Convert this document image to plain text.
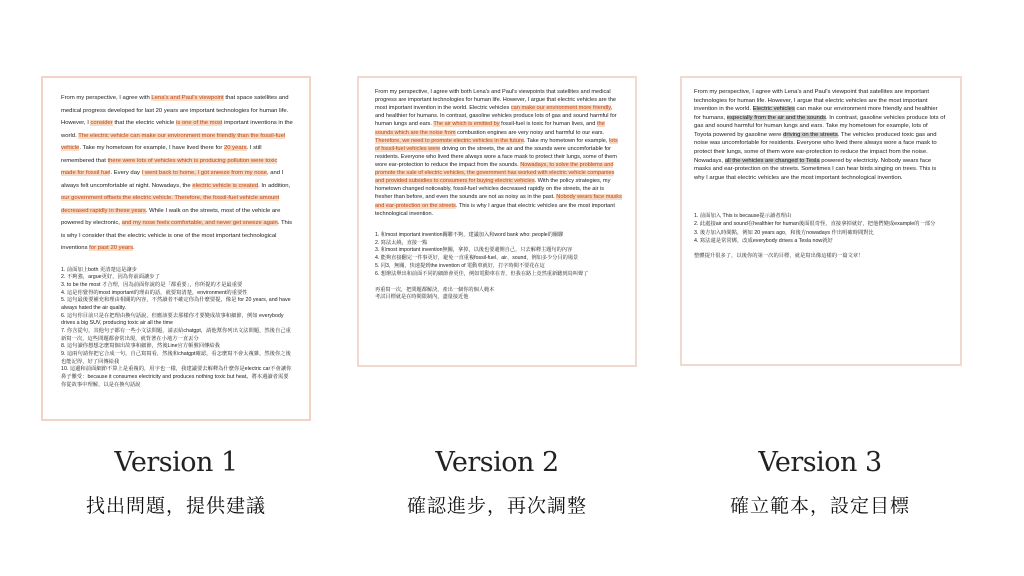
From my perspective, I agree with Lena's and Paul's viewpoint that space satellites and medical progress developed for last 20 years are important technologies for human life. However, I consider that the electric vehicle is one of the most important inventions in the world. The electric vehicle can make our environment more friendly than the fossil-fuel vehicle. Take my hometown for example, I have lived there for 20 years. I still remembered that there were lots of vehicles which is producing pollution were toxic made for fossil fuel. Every day I went back to home, I got sneeze from my nose, and I always felt uncomfortable at night. Nowadays, the electric vehicle is created. In addition, our government offsets the electric vehicle. Therefore, the fossil-fuel vehicle amount decreased rapidly in these years. While I walk on the streets, most of the vehicle are powered by electronic, and my nose feels comfortable, and never get sneeze again. This is why I consider that the electric vehicle is one of the most important technological inventions for past 20 years.

1. 前面加上both 更清楚這是讓步
2. 不夠強，argue更好，因為你前面讓步了
3. to be the most 才合理，因為前面你說的是「都重要」，你所提的才是最重要
4. 這是你覺得的most important的理由的話，就要寫清楚，environment的重要性
5. 這句最後要補充和理由相關的內容，不然讀者不確定你為什麼要提，像是 for 20 years, and have always hated the air quality.
6. 這句你目前只是在把理由換句話說，但應該要去那樣你才要變成故事和細節，例如 everybody drives a big SUV, producing toxic air all the time
7. 你含從句，其他句子都有一些小文法問題，請丟給chatgpt，請他幫你列出文法問題，然後自己重新寫一次，這些問題都會常出現，就背著在小地方一直丟分
8. 這句讀你想想怎麼寫個出故事和細節，然後Line官方帳號回傳給我
9. 這兩句請你把它合成一句，自己寫寫看，然後和chatgpt確認，看怎麼寫不會太複雜，然後你之後也能記得，好了回傳給我
10. 這邊和前面細節不算上是重複的，用字也一樣，我建議要去解釋為什麼你是electric car不會讓你鼻子難受：because it consumes electricity and produces nothing toxic but heat。將本週讀者需要你從故事中理解，以是在換句話說

From my perspective, I agree with both Lena's and Paul's viewpoints that satellites and medical progress are important technologies for human life. However, I argue that electric vehicles are the most important invention in the world. Electric vehicles can make our environment more friendly, and healthier for humans. In contrast, gasoline vehicles produce lots of gas and sound harmful for human lungs and ears. The air which is emitted by fossil-fuel is toxic for human lives, and the sounds which are the noise from combustion engines are very noisy and harmful to our ears. Therefore, we need to promote electric vehicles in the future. Take my hometown for example, lots of fossil-fuel vehicles were driving on the streets, the air and the sounds were uncomfortable for residents. Everyone who lived there always wore a face mask to protect their lungs, some of them wore ear-protection to reduce the impact from the sounds. Nowadays, to solve the problems and promote the sale of electric vehicles, the government has worked with electric vehicle companies and provided subsidies to consumers for buying electric vehicles. With the policy strategies, my hometown changed noticeably, fossil-fuel vehicles decreased rapidly on the streets, the air is fresher than before, and even the sounds are not as noisy as in the past. Nobody wears face masks and ear-protection on the streets. This is why I argue that electric vehicles are the most important technological invention.

1. 和most important invention關聯不夠，建議加入和word bank who: people的關聯
2. 寫法太繞，直接一點
3. 和most important invention無關，拿掉，以後也要避開自己，只去解釋主題句的內容
4. 能夠直接翻完一件事更好，避免一直重複fossil-fuel、air、sound，例如多少分目的場景
5. 同3，無關，快速提到the invention of 電動車就好，打字時間不要花在這
6. 想辦法舉出和前面不同的細節會更佳，例如電動車在青，但我在路上竟然重新聽到鳥叫聲了

再重寫一次，把問題都解決，產出一個你的個人範本
考試目標就是在時間限制內，盡量接近他

From my perspective, I agree with Lena's and Paul's viewpoint that satellites are important technologies for human life. However, I argue that electric vehicles are the most important invention in the world. Electric vehicles can make our environment more friendly and healthier for humans, especially from the air and the sounds. In contrast, gasoline vehicles produce lots of gas and sound harmful for human lungs and ears. Take my hometown for example, lots of Toyota powered by gasoline were driving on the streets. The vehicles produced toxic gas and noise was uncomfortable for residents. Everyone who lived there always wore a face mask to protect their lungs, some of them wore ear-protection to reduce the impact from the noise. Nowadays, all the vehicles are changed to Tesla powered by electricity. Nobody wears face masks and ear-protection on the streets. Sometimes I can hear birds singing on trees. This is why I argue that electric vehicles are the most important technological invention.

1. 前面加入 This is because提示讀者理由
2. 此處接air and sound在healthier for human後面很奇怪，直接拿掉就好，把他們變成example的一部分
3. 後方加入時間點，例如 20 years ago，和後方nowadays 作出明確時間對比
4. 寫法還是常常綁，改成everybody drives a Tesla now就好

整體提升很多了，以後你的第一次的目標，就是寫出像這樣的一篇文章！

Version 1

找出問題，提供建議

Version 2

確認進步，再次調整

Version 3

確立範本，設定目標
